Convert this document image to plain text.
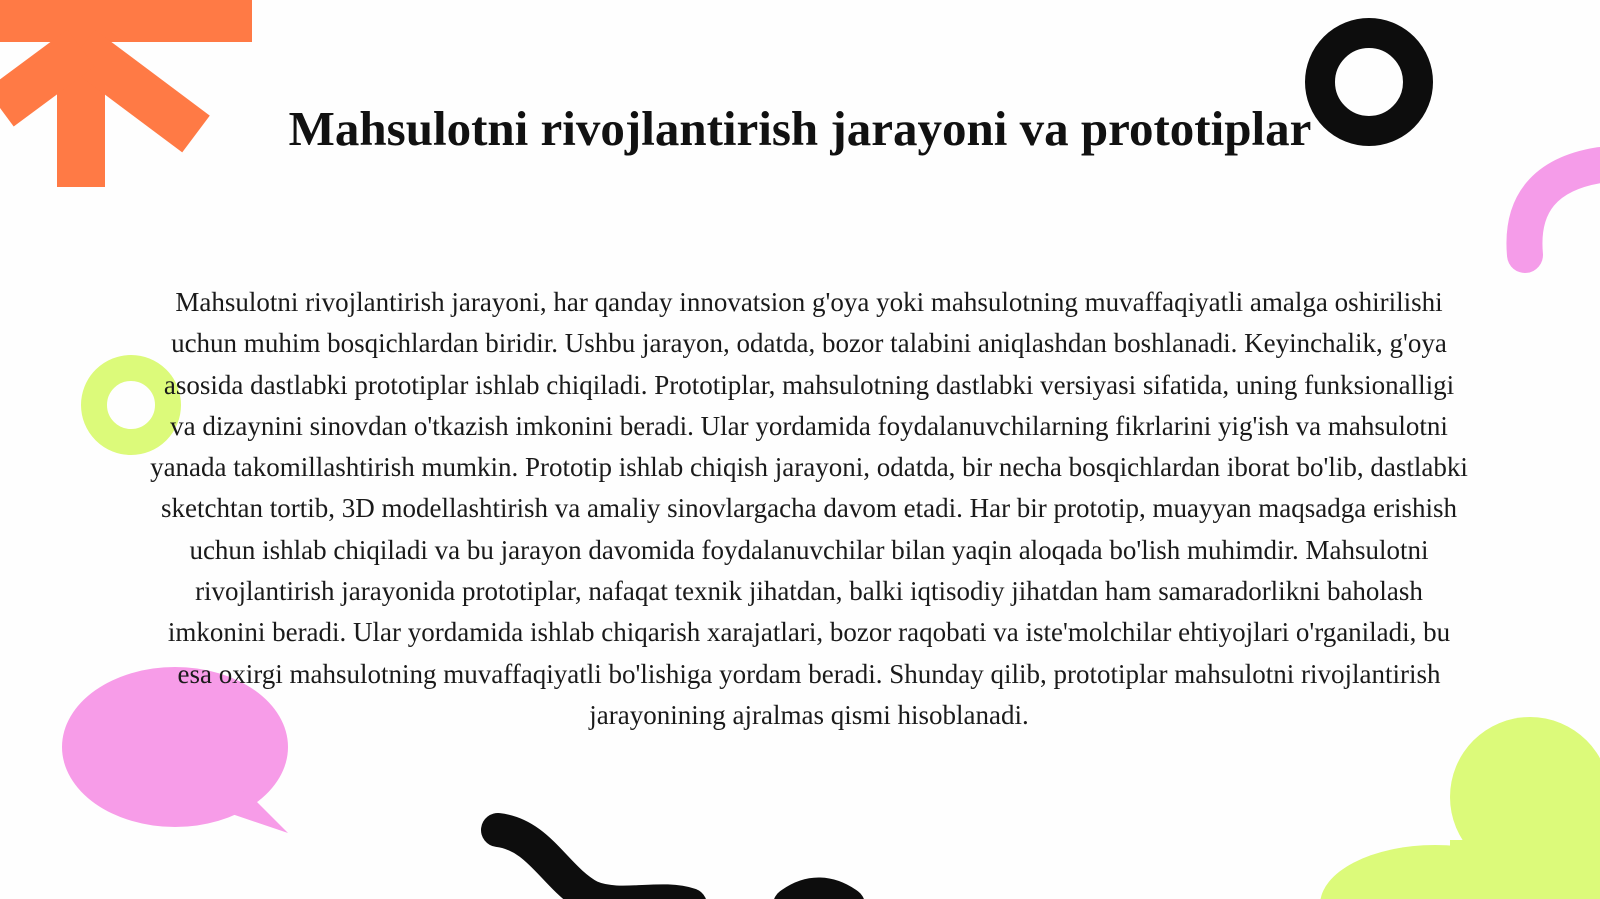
Mahsulotni rivojlantirish jarayoni va prototiplar

Mahsulotni rivojlantirish jarayoni, har qanday innovatsion g'oya yoki mahsulotning muvaffaqiyatli amalga oshirilishi uchun muhim bosqichlardan biridir. Ushbu jarayon, odatda, bozor talabini aniqlashdan boshlanadi. Keyinchalik, g'oya asosida dastlabki prototiplar ishlab chiqiladi. Prototiplar, mahsulotning dastlabki versiyasi sifatida, uning funksionalligi va dizaynini sinovdan o'tkazish imkonini beradi. Ular yordamida foydalanuvchilarning fikrlarini yig'ish va mahsulotni yanada takomillashtirish mumkin. Prototip ishlab chiqish jarayoni, odatda, bir necha bosqichlardan iborat bo'lib, dastlabki sketchtan tortib, 3D modellashtirish va amaliy sinovlargacha davom etadi. Har bir prototip, muayyan maqsadga erishish uchun ishlab chiqiladi va bu jarayon davomida foydalanuvchilar bilan yaqin aloqada bo'lish muhimdir. Mahsulotni rivojlantirish jarayonida prototiplar, nafaqat texnik jihatdan, balki iqtisodiy jihatdan ham samaradorlikni baholash imkonini beradi. Ular yordamida ishlab chiqarish xarajatlari, bozor raqobati va iste'molchilar ehtiyojlari o'rganiladi, bu esa oxirgi mahsulotning muvaffaqiyatli bo'lishiga yordam beradi. Shunday qilib, prototiplar mahsulotni rivojlantirish jarayonining ajralmas qismi hisoblanadi.
